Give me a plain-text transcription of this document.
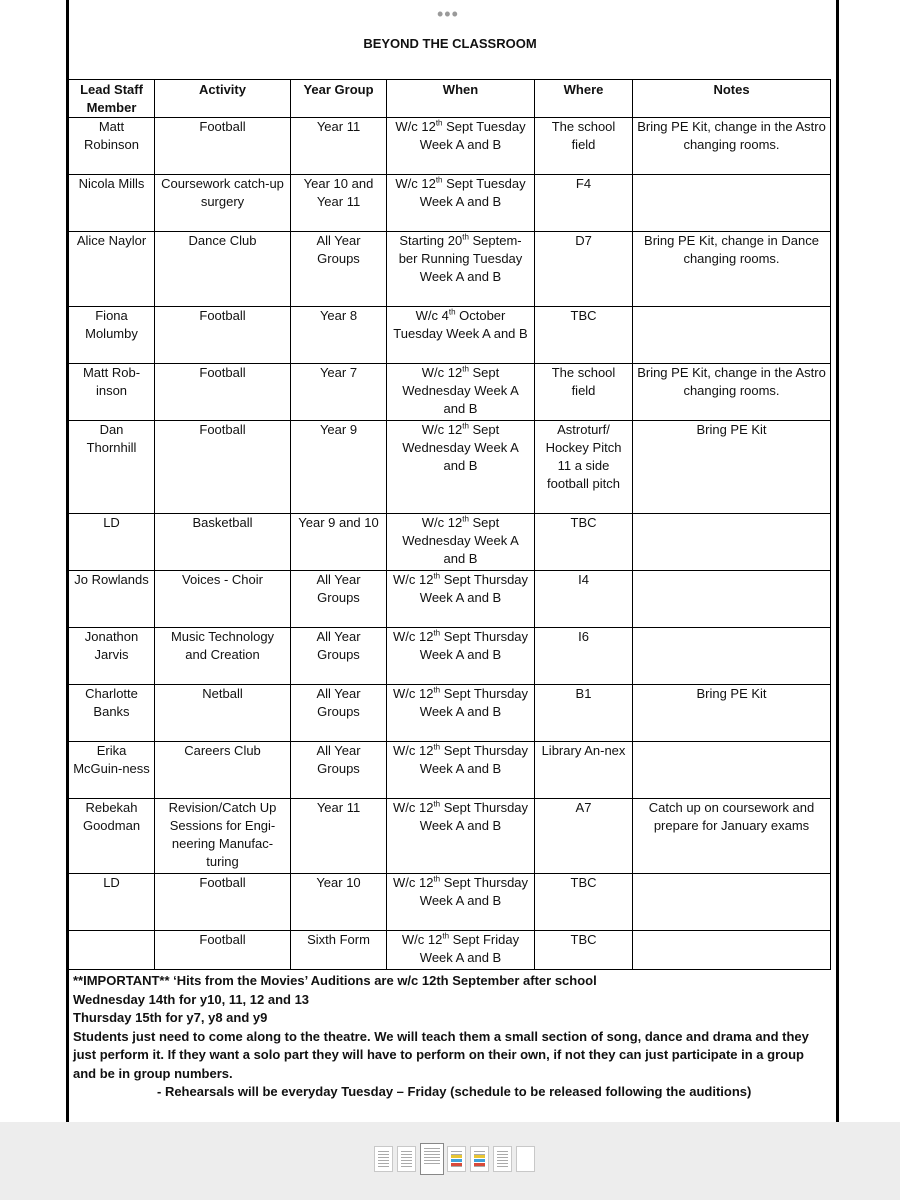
•••
BEYOND THE CLASSROOM
Lead Staff Member	Activity	Year Group	When	Where	Notes
Matt Robinson	Football	Year 11	W/c 12th Sept Tuesday Week A and B	The school field	Bring PE Kit, change in the Astro changing rooms.
Nicola Mills	Coursework catch-up surgery	Year 10 and Year 11	W/c 12th Sept Tuesday Week A and B	F4	
Alice Naylor	Dance Club	All Year Groups	Starting 20th Septem-ber Running Tuesday Week A and B	D7	Bring PE Kit, change in Dance changing rooms.
Fiona Molumby	Football	Year 8	W/c 4th October Tuesday Week A and B	TBC	
Matt Rob-inson	Football	Year 7	W/c 12th Sept Wednesday Week A and B	The school field	Bring PE Kit, change in the Astro changing rooms.
Dan Thornhill	Football	Year 9	W/c 12th Sept Wednesday Week A and B	Astroturf/ Hockey Pitch 11 a side football pitch	Bring PE Kit
LD	Basketball	Year 9 and 10	W/c 12th Sept Wednesday Week A and B	TBC	
Jo Rowlands	Voices - Choir	All Year Groups	W/c 12th Sept Thursday Week A and B	I4	
Jonathon Jarvis	Music Technology and Creation	All Year Groups	W/c 12th Sept Thursday Week A and B	I6	
Charlotte Banks	Netball	All Year Groups	W/c 12th Sept Thursday Week A and B	B1	Bring PE Kit
Erika McGuin-ness	Careers Club	All Year Groups	W/c 12th Sept Thursday Week A and B	Library An-nex	
Rebekah Goodman	Revision/Catch Up Sessions for Engi-neering Manufac-turing	Year 11	W/c 12th Sept Thursday Week A and B	A7	Catch up on coursework and prepare for January exams
LD	Football	Year 10	W/c 12th Sept Thursday Week A and B	TBC	
	Football	Sixth Form	W/c 12th Sept Friday Week A and B	TBC	
**IMPORTANT** ‘Hits from the Movies’ Auditions are w/c 12th September after school
Wednesday 14th for y10, 11, 12 and 13
Thursday 15th for y7, y8 and y9
Students just need to come along to the theatre. We will teach them a small section of song, dance and drama and they just perform it. If they want a solo part they will have to perform on their own, if not they can just participate in a group and be in group numbers.
- Rehearsals will be everyday Tuesday – Friday (schedule to be released following the auditions)
